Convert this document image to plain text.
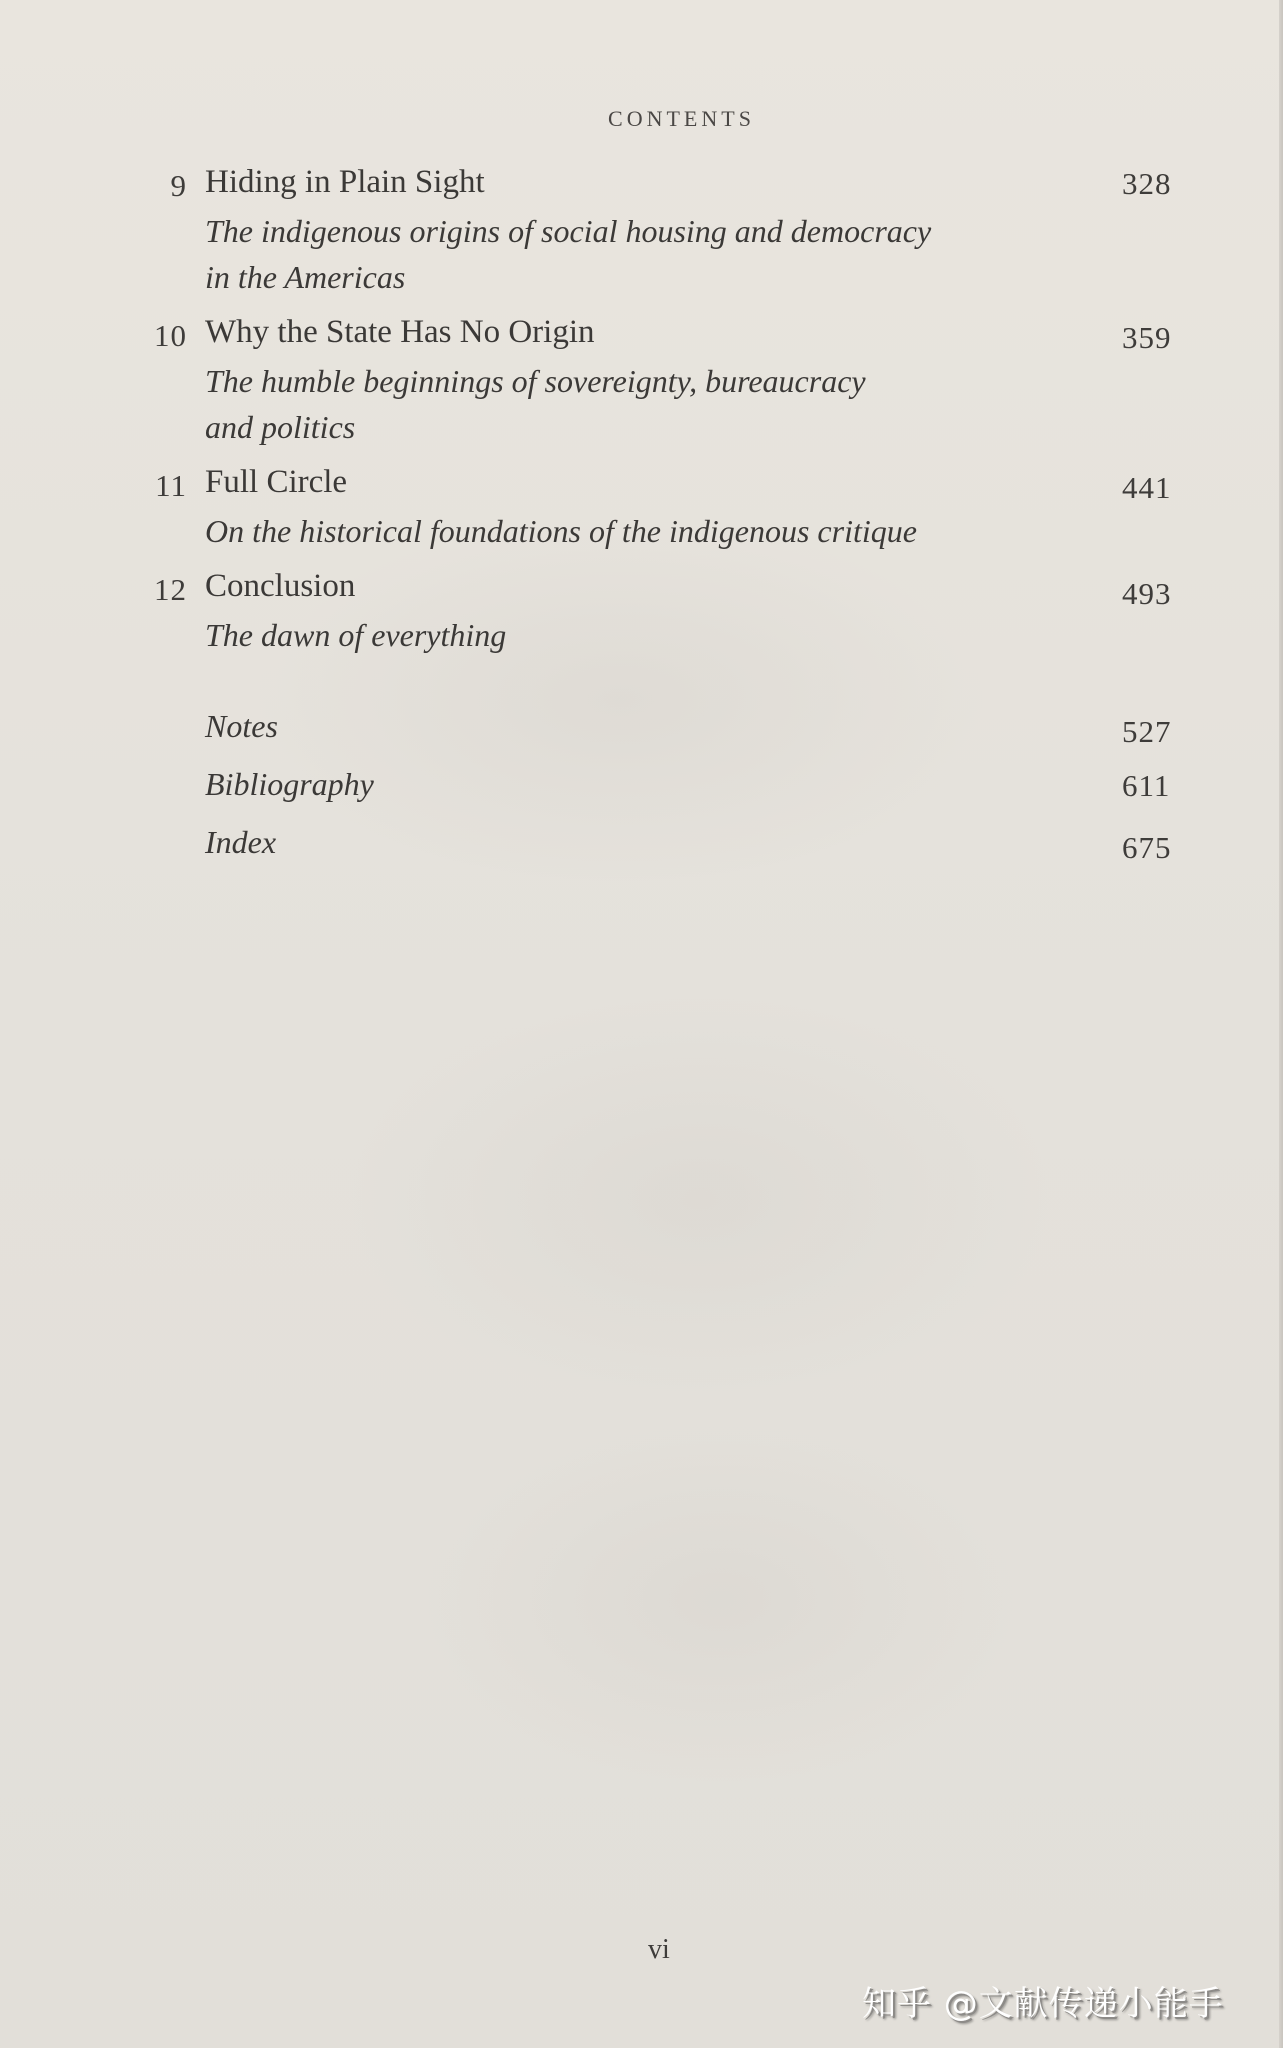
CONTENTS
9 Hiding in Plain Sight	328
The indigenous origins of social housing and democracy
in the Americas
10 Why the State Has No Origin	359
The humble beginnings of sovereignty, bureaucracy
and politics
11 Full Circle	441
On the historical foundations of the indigenous critique
12 Conclusion	493
The dawn of everything
Notes	527
Bibliography	611
Index	675
vi
知乎 @文献传递小能手
